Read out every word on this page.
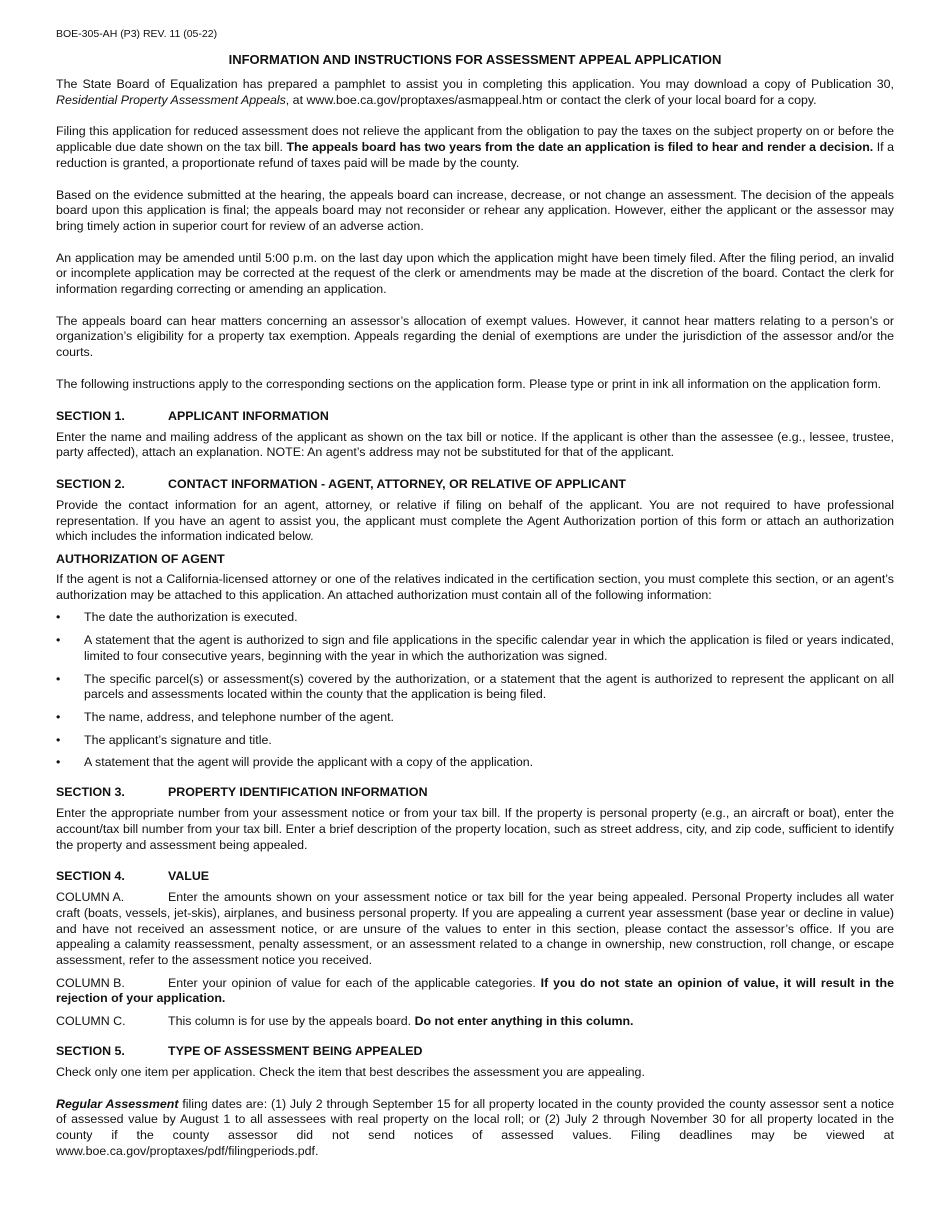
BOE-305-AH (P3) REV. 11 (05-22)
INFORMATION AND INSTRUCTIONS FOR ASSESSMENT APPEAL APPLICATION

The State Board of Equalization has prepared a pamphlet to assist you in completing this application. You may download a copy of Publication 30, Residential Property Assessment Appeals, at www.boe.ca.gov/proptaxes/asmappeal.htm or contact the clerk of your local board for a copy.

Filing this application for reduced assessment does not relieve the applicant from the obligation to pay the taxes on the subject property on or before the applicable due date shown on the tax bill. The appeals board has two years from the date an application is filed to hear and render a decision. If a reduction is granted, a proportionate refund of taxes paid will be made by the county.

Based on the evidence submitted at the hearing, the appeals board can increase, decrease, or not change an assessment. The decision of the appeals board upon this application is final; the appeals board may not reconsider or rehear any application. However, either the applicant or the assessor may bring timely action in superior court for review of an adverse action.

An application may be amended until 5:00 p.m. on the last day upon which the application might have been timely filed. After the filing period, an invalid or incomplete application may be corrected at the request of the clerk or amendments may be made at the discretion of the board. Contact the clerk for information regarding correcting or amending an application.

The appeals board can hear matters concerning an assessor’s allocation of exempt values. However, it cannot hear matters relating to a person’s or organization’s eligibility for a property tax exemption. Appeals regarding the denial of exemptions are under the jurisdiction of the assessor and/or the courts.

The following instructions apply to the corresponding sections on the application form. Please type or print in ink all information on the application form.

SECTION 1.	APPLICANT INFORMATION

Enter the name and mailing address of the applicant as shown on the tax bill or notice. If the applicant is other than the assessee (e.g., lessee, trustee, party affected), attach an explanation. NOTE: An agent’s address may not be substituted for that of the applicant.

SECTION 2.	CONTACT INFORMATION - AGENT, ATTORNEY, OR RELATIVE OF APPLICANT

Provide the contact information for an agent, attorney, or relative if filing on behalf of the applicant. You are not required to have professional representation. If you have an agent to assist you, the applicant must complete the Agent Authorization portion of this form or attach an authorization which includes the information indicated below.

AUTHORIZATION OF AGENT

If the agent is not a California-licensed attorney or one of the relatives indicated in the certification section, you must complete this section, or an agent’s authorization may be attached to this application. An attached authorization must contain all of the following information:

•	The date the authorization is executed.
•	A statement that the agent is authorized to sign and file applications in the specific calendar year in which the application is filed or years indicated, limited to four consecutive years, beginning with the year in which the authorization was signed.
•	The specific parcel(s) or assessment(s) covered by the authorization, or a statement that the agent is authorized to represent the applicant on all parcels and assessments located within the county that the application is being filed.
•	The name, address, and telephone number of the agent.
•	The applicant’s signature and title.
•	A statement that the agent will provide the applicant with a copy of the application.
SECTION 3.	PROPERTY IDENTIFICATION INFORMATION

Enter the appropriate number from your assessment notice or from your tax bill. If the property is personal property (e.g., an aircraft or boat), enter the account/tax bill number from your tax bill. Enter a brief description of the property location, such as street address, city, and zip code, sufficient to identify the property and assessment being appealed.

SECTION 4.	VALUE

COLUMN A.	Enter the amounts shown on your assessment notice or tax bill for the year being appealed. Personal Property includes all water craft (boats, vessels, jet-skis), airplanes, and business personal property. If you are appealing a current year assessment (base year or decline in value) and have not received an assessment notice, or are unsure of the values to enter in this section, please contact the assessor’s office. If you are appealing a calamity reassessment, penalty assessment, or an assessment related to a change in ownership, new construction, roll change, or escape assessment, refer to the assessment notice you received.

COLUMN B.	Enter your opinion of value for each of the applicable categories. If you do not state an opinion of value, it will result in the rejection of your application.

COLUMN C.	This column is for use by the appeals board. Do not enter anything in this column.

SECTION 5.	TYPE OF ASSESSMENT BEING APPEALED

Check only one item per application. Check the item that best describes the assessment you are appealing.

Regular Assessment filing dates are: (1) July 2 through September 15 for all property located in the county provided the county assessor sent a notice of assessed value by August 1 to all assessees with real property on the local roll; or (2) July 2 through November 30 for all property located in the county if the county assessor did not send notices of assessed values. Filing deadlines may be viewed at www.boe.ca.gov/proptaxes/pdf/filingperiods.pdf.
